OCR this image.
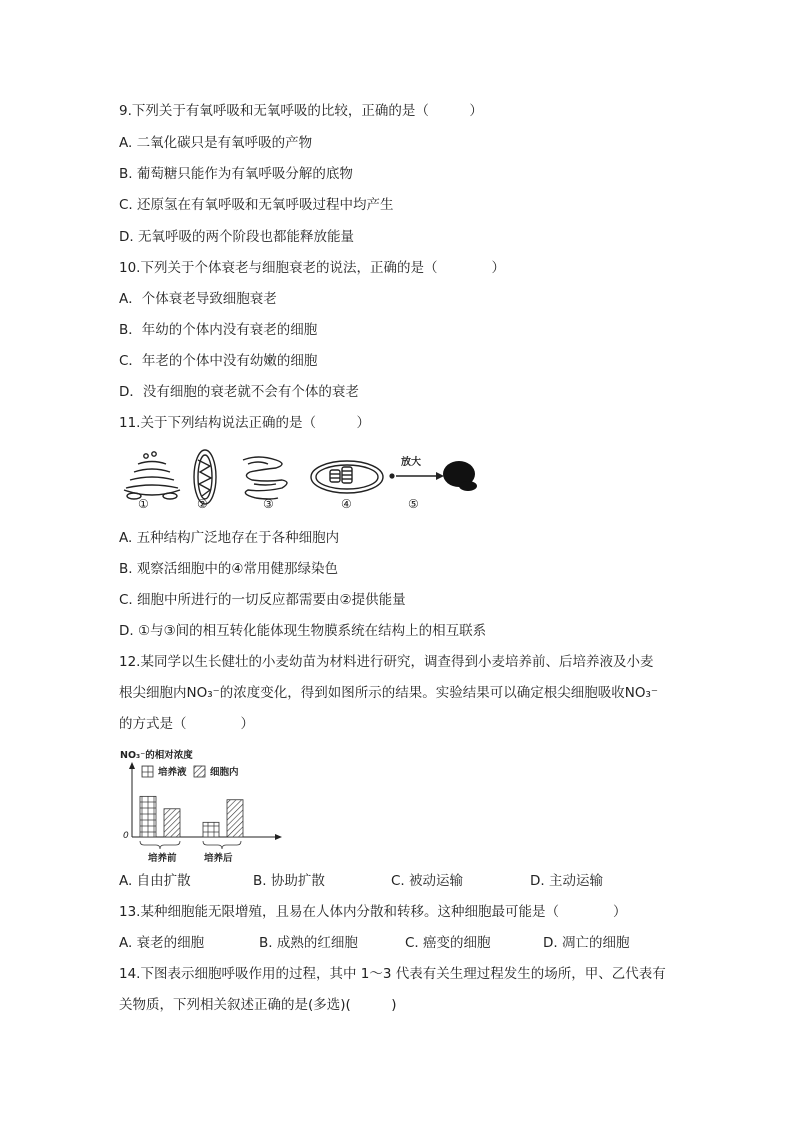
9.下列关于有氧呼吸和无氧呼吸的比较，正确的是（　　　）
A. 二氧化碳只是有氧呼吸的产物
B. 葡萄糖只能作为有氧呼吸分解的底物
C. 还原氢在有氧呼吸和无氧呼吸过程中均产生
D. 无氧呼吸的两个阶段也都能释放能量
10.下列关于个体衰老与细胞衰老的说法，正确的是（　　　　）
A．个体衰老导致细胞衰老
B．年幼的个体内没有衰老的细胞
C．年老的个体中没有幼嫩的细胞
D．没有细胞的衰老就不会有个体的衰老
11.关于下列结构说法正确的是（　　　）
放大
①	②	③	④	⑤
A. 五种结构广泛地存在于各种细胞内
B. 观察活细胞中的④常用健那绿染色
C. 细胞中所进行的一切反应都需要由②提供能量
D. ①与③间的相互转化能体现生物膜系统在结构上的相互联系
12.某同学以生长健壮的小麦幼苗为材料进行研究，调查得到小麦培养前、后培养液及小麦
根尖细胞内NO₃⁻的浓度变化，得到如图所示的结果。实验结果可以确定根尖细胞吸收NO₃⁻
的方式是（　　　　）
NO₃⁻的相对浓度
0
培养液 细胞内
培养前	培养后
A. 自由扩散	B. 协助扩散	C. 被动运输	D. 主动运输
13.某种细胞能无限增殖，且易在人体内分散和转移。这种细胞最可能是（　　　　）
A. 衰老的细胞	B. 成熟的红细胞	C. 癌变的细胞	D. 凋亡的细胞
14.下图表示细胞呼吸作用的过程，其中 1～3 代表有关生理过程发生的场所，甲、乙代表有
关物质，下列相关叙述正确的是(多选)(　　　)
